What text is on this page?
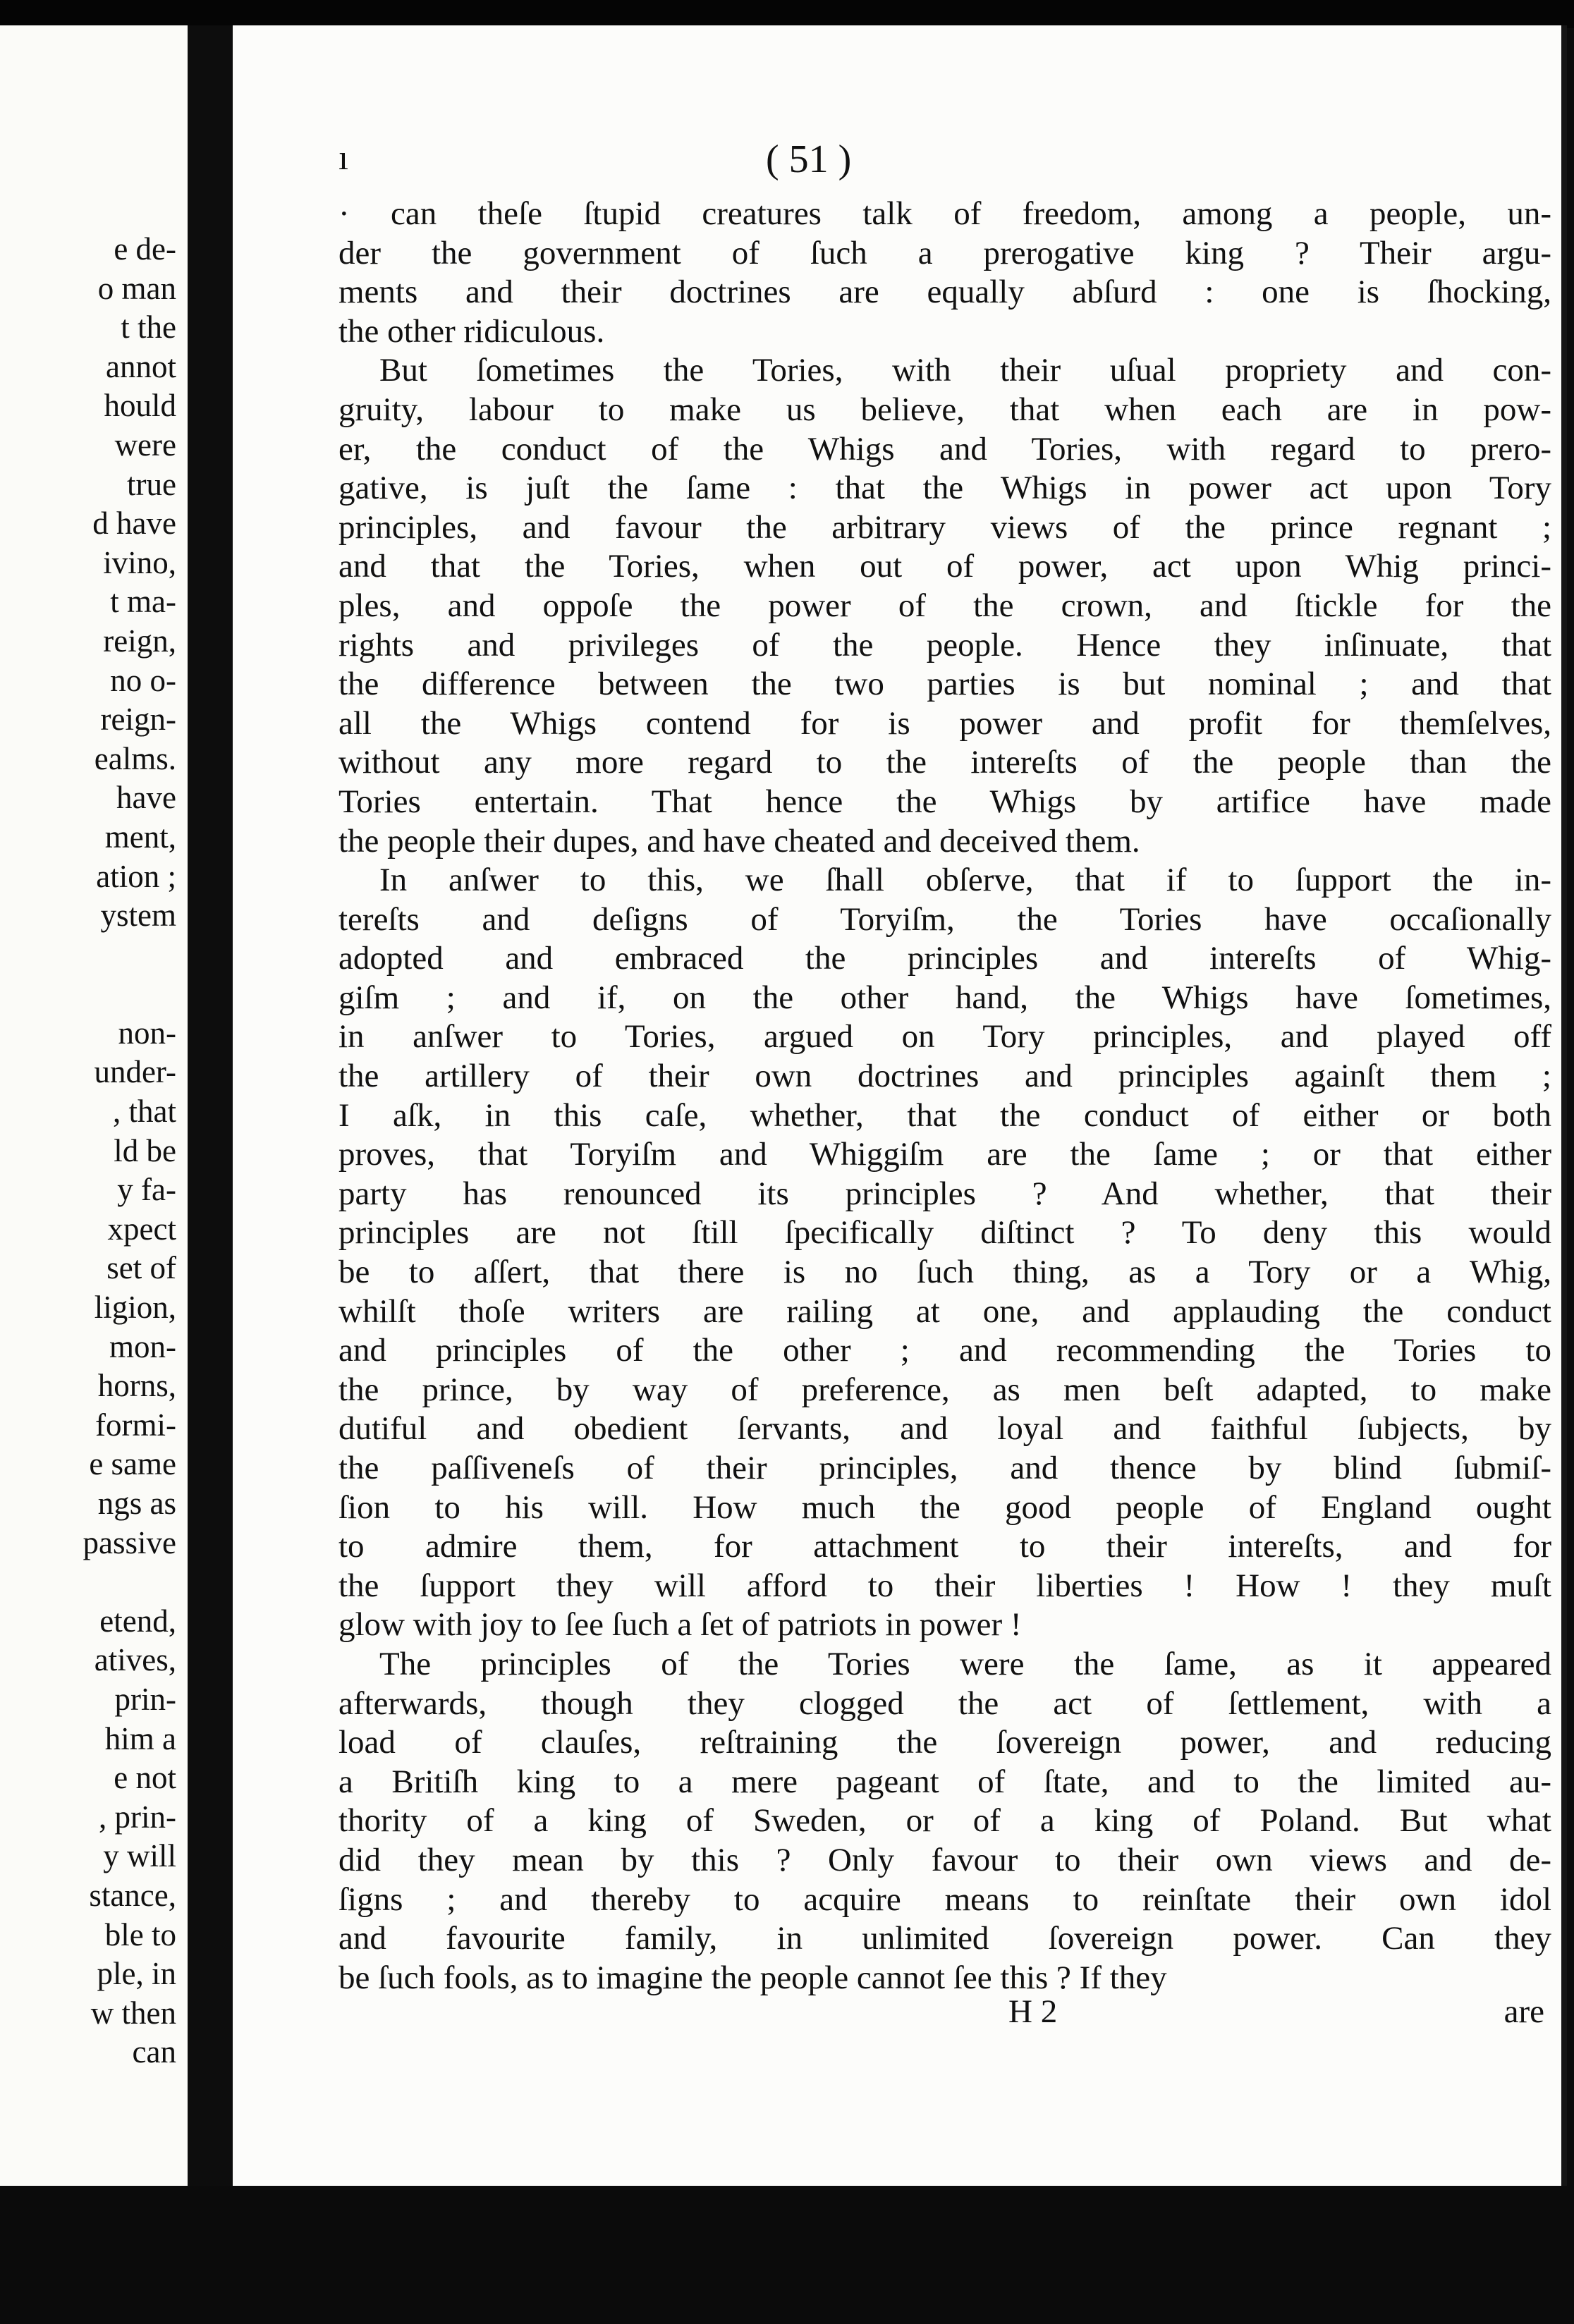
e de-
o man
t the
annot
hould
were
true
d have
ivino,
t ma-
reign,
no o-
reign-
ealms.
have
ment,
ation ;
ystem
non-
under-
, that
ld be
y fa-
xpect
set of
ligion,
mon-
horns,
formi-
e same
ngs as
passive
etend,
atives,
prin-
him a
e not
, prin-
y will
stance,
ble to
ple, in
w then
can
ı	( 51 )
· can theſe ſtupid creatures talk of freedom, among a people, un-
der the government of ſuch a prerogative king ? Their argu-
ments and their doctrines are equally abſurd : one is ſhocking,
the other ridiculous.
But ſometimes the Tories, with their uſual propriety and con-
gruity, labour to make us believe, that when each are in pow-
er, the conduct of the Whigs and Tories, with regard to prero-
gative, is juſt the ſame : that the Whigs in power act upon Tory
principles, and favour the arbitrary views of the prince regnant ;
and that the Tories, when out of power, act upon Whig princi-
ples, and oppoſe the power of the crown, and ſtickle for the
rights and privileges of the people. Hence they inſinuate, that
the difference between the two parties is but nominal ; and that
all the Whigs contend for is power and profit for themſelves,
without any more regard to the intereſts of the people than the
Tories entertain. That hence the Whigs by artifice have made
the people their dupes, and have cheated and deceived them.
In anſwer to this, we ſhall obſerve, that if to ſupport the in-
tereſts and deſigns of Toryiſm, the Tories have occaſionally
adopted and embraced the principles and intereſts of Whig-
giſm ; and if, on the other hand, the Whigs have ſometimes,
in anſwer to Tories, argued on Tory principles, and played off
the artillery of their own doctrines and principles againſt them ;
I aſk, in this caſe, whether, that the conduct of either or both
proves, that Toryiſm and Whiggiſm are the ſame ; or that either
party has renounced its principles ? And whether, that their
principles are not ſtill ſpecifically diſtinct ? To deny this would
be to aſſert, that there is no ſuch thing, as a Tory or a Whig,
whilſt thoſe writers are railing at one, and applauding the conduct
and principles of the other ; and recommending the Tories to
the prince, by way of preference, as men beſt adapted, to make
dutiful and obedient ſervants, and loyal and faithful ſubjects, by
the paſſiveneſs of their principles, and thence by blind ſubmiſ-
ſion to his will. How much the good people of England ought
to admire them, for attachment to their intereſts, and for
the ſupport they will afford to their liberties ! How ! they muſt
glow with joy to ſee ſuch a ſet of patriots in power !
The principles of the Tories were the ſame, as it appeared
afterwards, though they clogged the act of ſettlement, with a
load of clauſes, reſtraining the ſovereign power, and reducing
a Britiſh king to a mere pageant of ſtate, and to the limited au-
thority of a king of Sweden, or of a king of Poland. But what
did they mean by this ? Only favour to their own views and de-
ſigns ; and thereby to acquire means to reinſtate their own idol
and favourite family, in unlimited ſovereign power. Can they
be ſuch fools, as to imagine the people cannot ſee this ? If they
H 2	are
